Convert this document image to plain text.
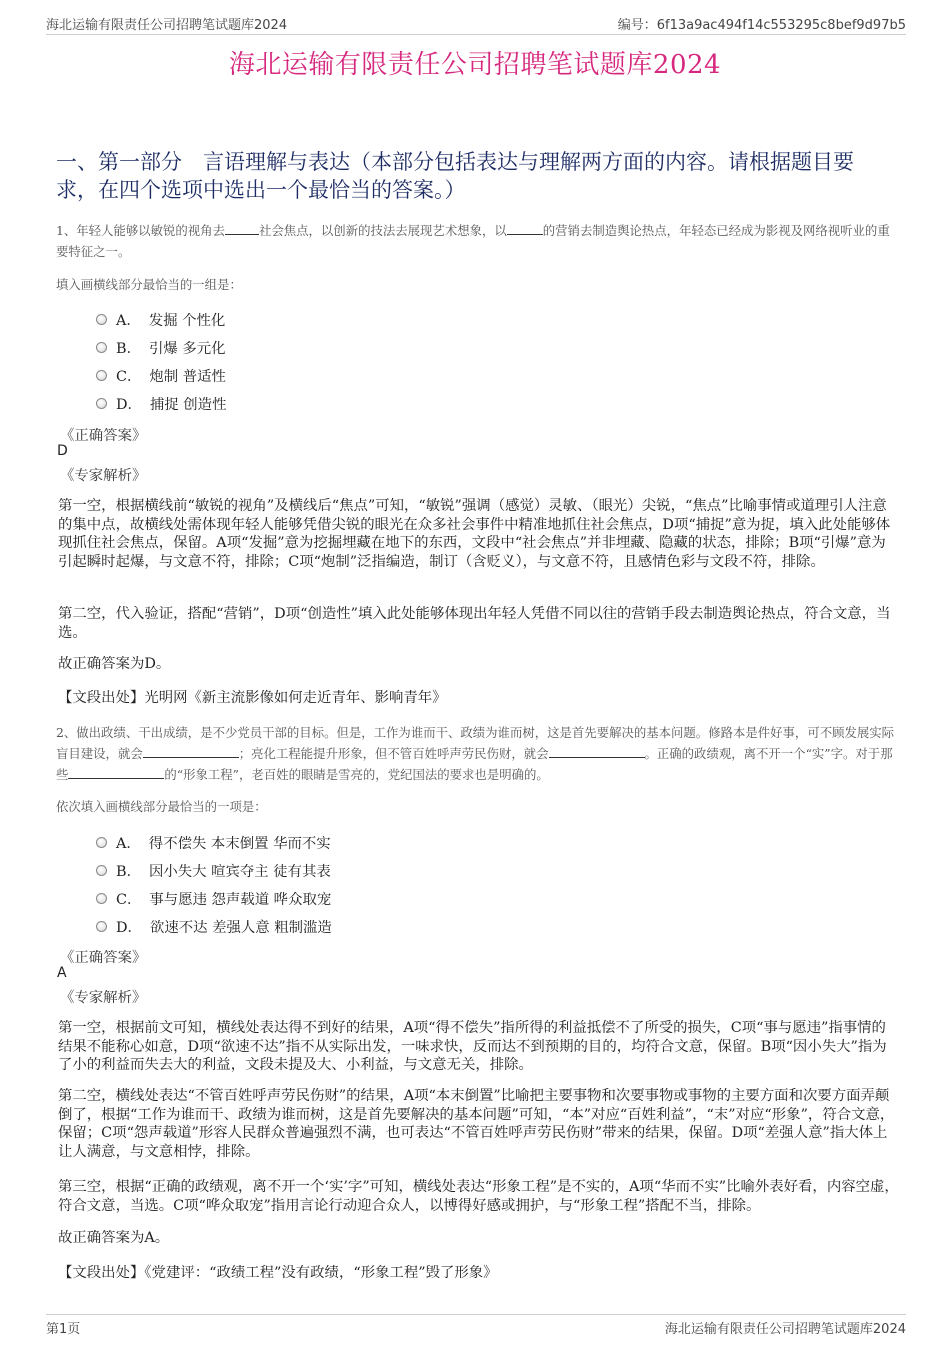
海北运输有限责任公司招聘笔试题库2024	编号：6f13a9ac494f14c553295c8bef9d97b5
海北运输有限责任公司招聘笔试题库2024
一、第一部分　言语理解与表达（本部分包括表达与理解两方面的内容。请根据题目要求，在四个选项中选出一个最恰当的答案。）
1、年轻人能够以敏锐的视角去	社会焦点，以创新的技法去展现艺术想象，以	的营销去制造舆论热点，年轻态已经成为影视及网络视听业的重要特征之一。
填入画横线部分最恰当的一组是：
A． 发掘 个性化
B． 引爆 多元化
C． 炮制 普适性
D． 捕捉 创造性
《正确答案》
D
《专家解析》
第一空，根据横线前“敏锐的视角”及横线后“焦点”可知，“敏锐”强调（感觉）灵敏、（眼光）尖锐，“焦点”比喻事情或道理引人注意的集中点，故横线处需体现年轻人能够凭借尖锐的眼光在众多社会事件中精准地抓住社会焦点，D项“捕捉”意为捉，填入此处能够体现抓住社会焦点，保留。A项“发掘”意为挖掘埋藏在地下的东西，文段中“社会焦点”并非埋藏、隐藏的状态，排除；B项“引爆”意为引起瞬时起爆，与文意不符，排除；C项“炮制”泛指编造，制订（含贬义），与文意不符，且感情色彩与文段不符，排除。
第二空，代入验证，搭配“营销”，D项“创造性”填入此处能够体现出年轻人凭借不同以往的营销手段去制造舆论热点，符合文意，当选。
故正确答案为D。
【文段出处】光明网《新主流影像如何走近青年、影响青年》
2、做出政绩、干出成绩，是不少党员干部的目标。但是，工作为谁而干、政绩为谁而树，这是首先要解决的基本问题。修路本是件好事，可不顾发展实际盲目建设，就会	；亮化工程能提升形象，但不管百姓呼声劳民伤财，就会	。正确的政绩观，离不开一个“实”字。对于那些	的“形象工程”，老百姓的眼睛是雪亮的，党纪国法的要求也是明确的。
依次填入画横线部分最恰当的一项是：
A． 得不偿失 本末倒置 华而不实
B． 因小失大 喧宾夺主 徒有其表
C． 事与愿违 怨声载道 哗众取宠
D． 欲速不达 差强人意 粗制滥造
《正确答案》
A
《专家解析》
第一空，根据前文可知，横线处表达得不到好的结果，A项“得不偿失”指所得的利益抵偿不了所受的损失，C项“事与愿违”指事情的结果不能称心如意，D项“欲速不达”指不从实际出发，一味求快，反而达不到预期的目的，均符合文意，保留。B项“因小失大”指为了小的利益而失去大的利益，文段未提及大、小利益，与文意无关，排除。
第二空，横线处表达“不管百姓呼声劳民伤财”的结果，A项“本末倒置”比喻把主要事物和次要事物或事物的主要方面和次要方面弄颠倒了，根据“工作为谁而干、政绩为谁而树，这是首先要解决的基本问题”可知，“本”对应“百姓利益”，“末”对应“形象”，符合文意，保留；C项“怨声载道”形容人民群众普遍强烈不满，也可表达“不管百姓呼声劳民伤财”带来的结果，保留。D项“差强人意”指大体上让人满意，与文意相悖，排除。
第三空，根据“正确的政绩观，离不开一个‘实’字”可知，横线处表达“形象工程”是不实的，A项“华而不实”比喻外表好看，内容空虚，符合文意，当选。C项“哗众取宠”指用言论行动迎合众人，以博得好感或拥护，与“形象工程”搭配不当，排除。
故正确答案为A。
【文段出处】《党建评：“政绩工程”没有政绩，“形象工程”毁了形象》
第1页	海北运输有限责任公司招聘笔试题库2024
